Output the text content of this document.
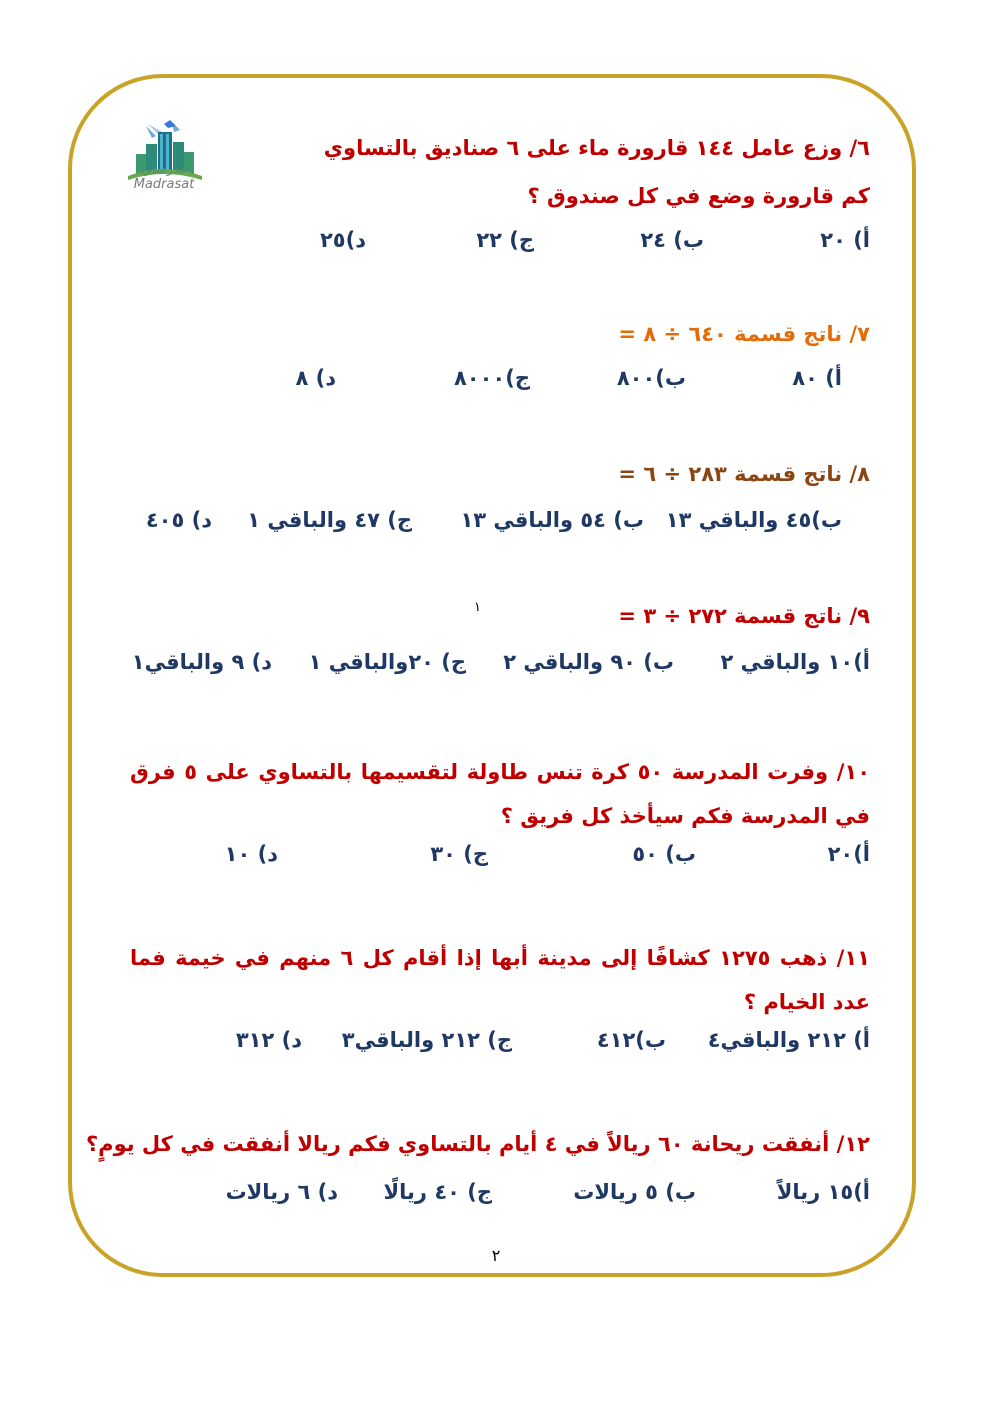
مدرستي
Madrasat
٦/ وزع عامل ١٤٤ قارورة ماء على ٦ صناديق بالتساوي
كم قارورة وضع في كل صندوق ؟
أ) ٢٠
ب) ٢٤
ج) ٢٢
د)٢٥
٧/ ناتج قسمة ٦٤٠ ÷ ٨ =
أ) ٨٠
ب)٨٠٠
ج)٨٠٠٠
د) ٨
٨/ ناتج قسمة ٢٨٣ ÷ ٦ =
ب)٤٥ والباقي ١٣
ب) ٥٤ والباقي ١٣
ج) ٤٧ والباقي ١
د) ٤٠٥
٩/ ناتج قسمة ٢٧٢ ÷ ٣ =
١
أ)١٠ والباقي ٢
ب) ٩٠ والباقي ٢
ج) ٢٠والباقي ١
د) ٩ والباقي١
١٠/ وفرت المدرسة ٥٠ كرة تنس طاولة لتقسيمها بالتساوي على ٥ فرق في المدرسة فكم سيأخذ كل فريق ؟
أ)٢٠
ب) ٥٠
ج) ٣٠
د) ١٠
١١/ ذهب ١٢٧٥ كشافًا إلى مدينة أبها إذا أقام كل ٦ منهم في خيمة فما عدد الخيام ؟
أ) ٢١٢ والباقي٤
ب)٤١٢
ج) ٢١٢ والباقي٣
د) ٣١٢
١٢/ أنفقت ريحانة ٦٠ ريالاً في ٤ أيام بالتساوي فكم ريالا أنفقت في كل يومٍ؟
أ)١٥ ريالاً
ب) ٥ ريالات
ج) ٤٠ ريالًا
د) ٦ ريالات
٢
